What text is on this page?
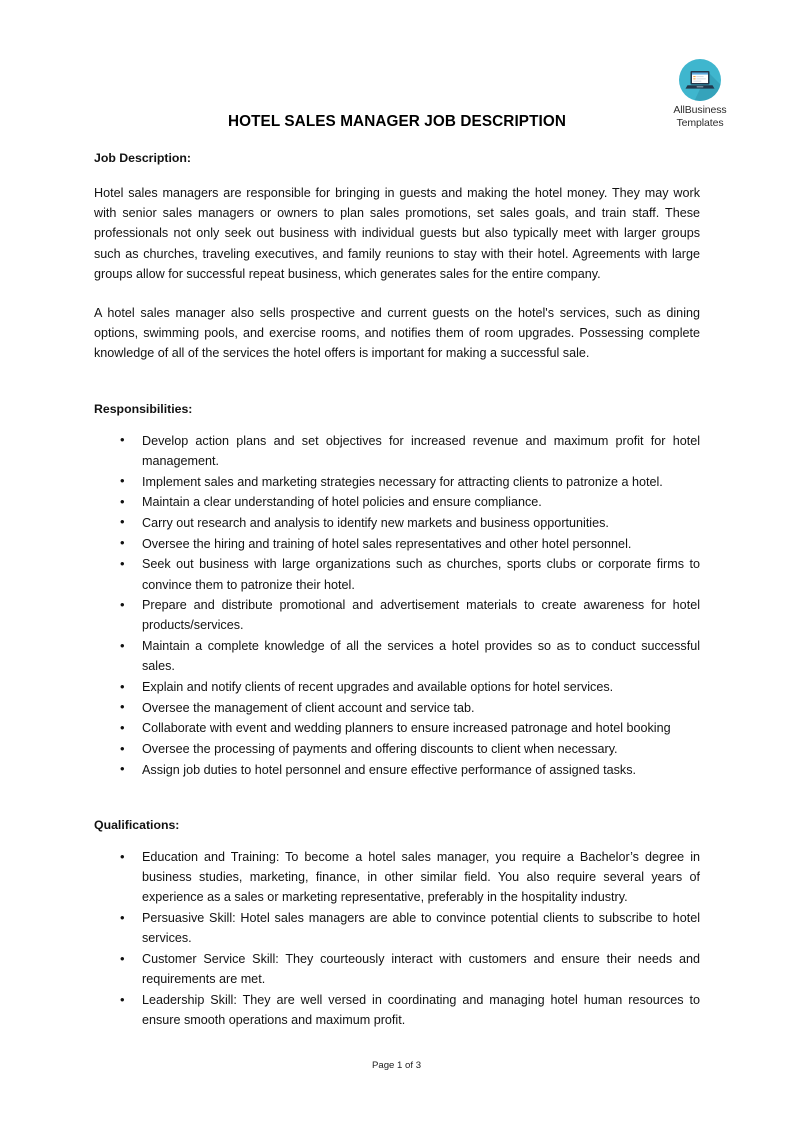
AllBusiness
Templates
HOTEL SALES MANAGER JOB DESCRIPTION
Job Description:

Hotel sales managers are responsible for bringing in guests and making the hotel money. They may work with senior sales managers or owners to plan sales promotions, set sales goals, and train staff. These professionals not only seek out business with individual guests but also typically meet with larger groups such as churches, traveling executives, and family reunions to stay with their hotel. Agreements with large groups allow for successful repeat business, which generates sales for the entire company.

A hotel sales manager also sells prospective and current guests on the hotel's services, such as dining options, swimming pools, and exercise rooms, and notifies them of room upgrades. Possessing complete knowledge of all of the services the hotel offers is important for making a successful sale.

Responsibilities:
• Develop action plans and set objectives for increased revenue and maximum profit for hotel management.
• Implement sales and marketing strategies necessary for attracting clients to patronize a hotel.
• Maintain a clear understanding of hotel policies and ensure compliance.
• Carry out research and analysis to identify new markets and business opportunities.
• Oversee the hiring and training of hotel sales representatives and other hotel personnel.
• Seek out business with large organizations such as churches, sports clubs or corporate firms to convince them to patronize their hotel.
• Prepare and distribute promotional and advertisement materials to create awareness for hotel products/services.
• Maintain a complete knowledge of all the services a hotel provides so as to conduct successful sales.
• Explain and notify clients of recent upgrades and available options for hotel services.
• Oversee the management of client account and service tab.
• Collaborate with event and wedding planners to ensure increased patronage and hotel booking
• Oversee the processing of payments and offering discounts to client when necessary.
• Assign job duties to hotel personnel and ensure effective performance of assigned tasks.
Qualifications:
• Education and Training: To become a hotel sales manager, you require a Bachelor’s degree in business studies, marketing, finance, in other similar field. You also require several years of experience as a sales or marketing representative, preferably in the hospitality industry.
• Persuasive Skill: Hotel sales managers are able to convince potential clients to subscribe to hotel services.
• Customer Service Skill: They courteously interact with customers and ensure their needs and requirements are met.
• Leadership Skill: They are well versed in coordinating and managing hotel human resources to ensure smooth operations and maximum profit.
Page 1 of 3
